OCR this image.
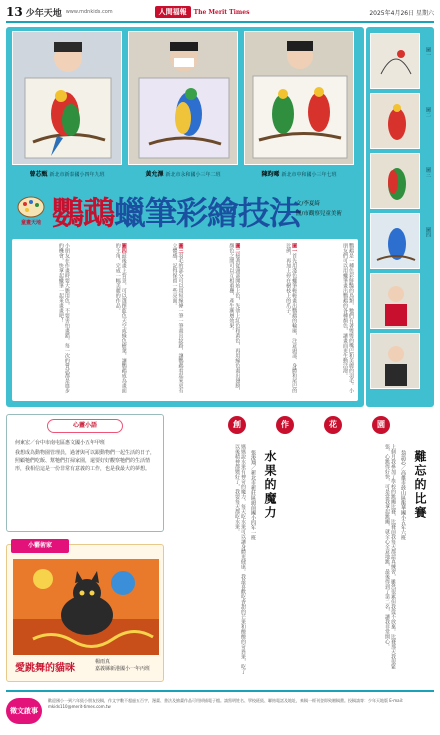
13 少年天地 www.mdnkids.com	人間福報	The Merit Times	2025年4月26日 星期六
曾芯甄 新北市新泰國小四年九班	黃允澤 新北市永和國小三年二班	陳昀晞 新北市中和國小三年七班
童畫天地 鸚鵡蠟筆彩繪技法
文/李夏綺
圖/市觀察兒童美術
鸚鵡是一種色彩鮮豔的鳥類，牠們有著彎彎的嘴巴和美麗的羽毛。小朋友們可以用蠟筆畫出鸚鵡的各種顏色，讓畫面更生動活潑。
圖一首先用淺色蠟筆輕輕畫出鸚鵡的輪廓，注意頭部、身體和尾巴的比例，再加上停在樹枝上的爪子。
圖二接著從頭部開始上色，先塗上紅色和黃色，再用綠色畫出翅膀，顏色之間可以互相重疊，產生漸層效果。
圖三羽毛的部分可以用短線條一筆一筆畫出紋路，讓鸚鵡看起來更有立體感，記得保留一些亮面。
圖四最後畫上背景，可以選擇藍色天空或綠色樹葉，讓鸚鵡成為畫面的主角，完成一幅美麗的作品。
小朋友在作畫時要大膽用色，不要害怕畫錯，每一次的嘗試都是進步的機會，快拿起蠟筆一起來畫畫吧！
圖一
圖二
圖三
圖四
心靈小語
何東宏／台中市南屯區惠文國小五年甲班
我想成為動物園管理員，過著與可以跟動物們一起生活的日子，照顧牠們吃飯、幫牠們打掃家園，還要好好觀察牠們的生活情形，我相信這是一份非常有意義的工作，也是我最大的夢想。
小藝術家
愛跳舞的貓咪
楊雨真
嘉義縣新港國小一年丙班
創	作	花	園
難忘的比賽
翁語芯／高雄市鼓山區龍華國小五年六班
上個月我參加了學校的跳繩比賽，比賽前我每天都認真練習，雖然很累但我從不放棄。比賽那天我很緊張，心跳得好快，可是當我拿起跳繩，就全心全意地跳，最後得到了第二名，讓我非常開心。
水果的魔力
張浚翔／新北市新莊區頭前國小四年一班
媽媽說水果有神奇的魔力，每天吃水果可以讓身體更健康。我最喜歡吃香甜的芒果和酸酸的奇異果，吃了以後精神都變好了，我要每天都吃水果。
徵文啟事
歡迎國小一到六年級小朋友投稿，作文字數不超過五百字，漫畫、書法及繪畫作品可用掃描電子檔。請寫明姓名、學校班級、聯絡電話及地址，來稿一經刊登即致贈稿費。投稿請寄：少年天地版 E-mail: mkids110@merit-times.com.tw
